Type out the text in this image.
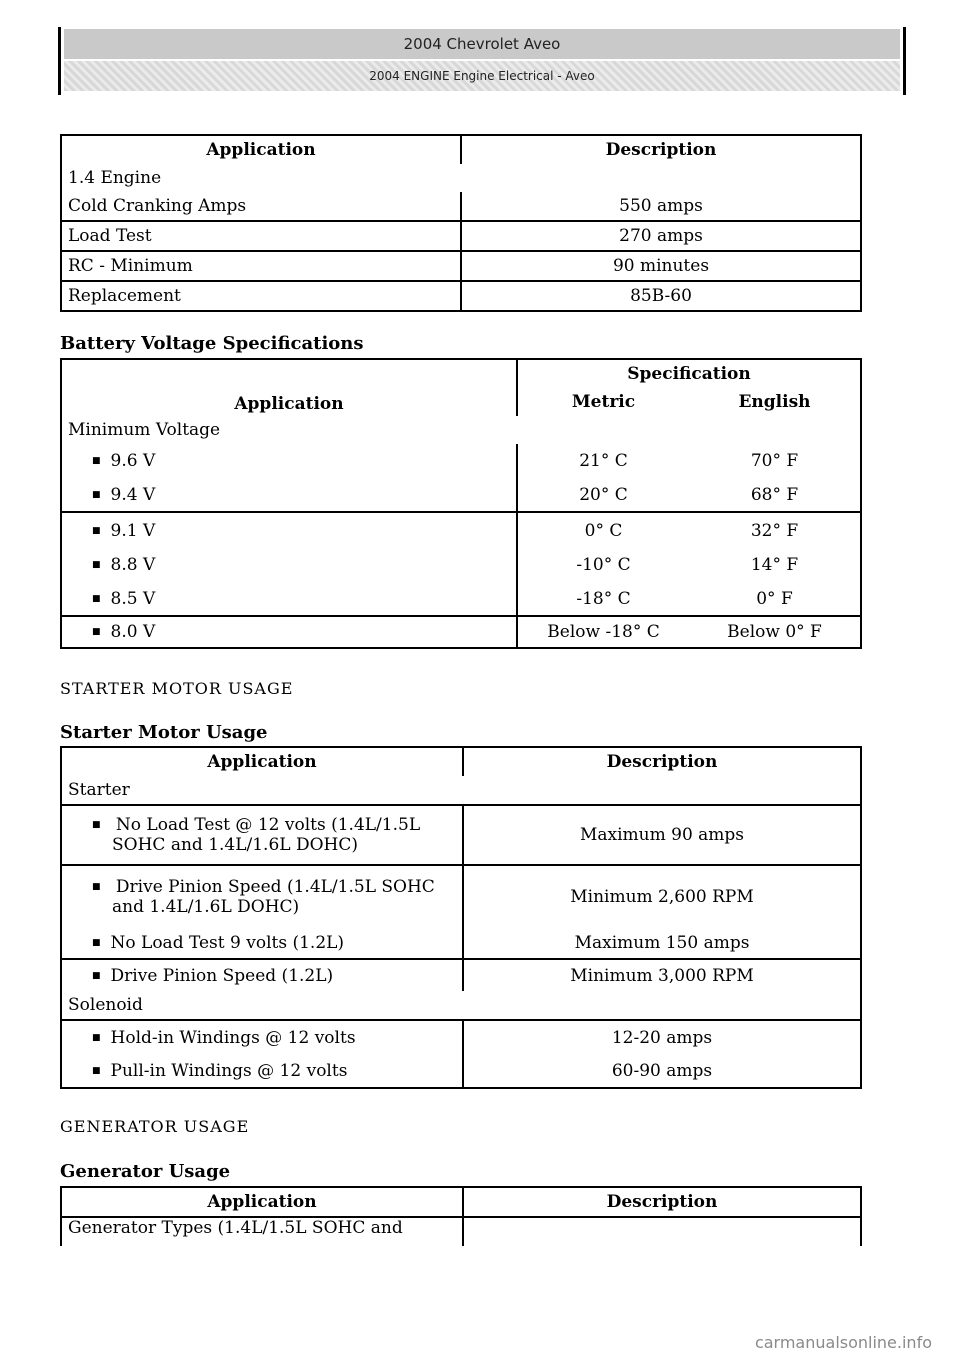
2004 Chevrolet Aveo
2004 ENGINE Engine Electrical - Aveo
Application	Description
1.4 Engine	
Cold Cranking Amps	550 amps
Load Test	270 amps
RC - Minimum	90 minutes
Replacement	85B-60
Battery Voltage Specifications
Application	Specification	
	Metric	English
Minimum Voltage		
■ 9.6 V	21° C	70° F
■ 9.4 V	20° C	68° F
■ 9.1 V	0° C	32° F
■ 8.8 V	-10° C	14° F
■ 8.5 V	-18° C	0° F
■ 8.0 V	Below -18° C	Below 0° F
STARTER MOTOR USAGE
Starter Motor Usage
Application	Description
Starter	
■ No Load Test @ 12 volts (1.4L/1.5L
SOHC and 1.4L/1.6L DOHC)	Maximum 90 amps
■ Drive Pinion Speed (1.4L/1.5L SOHC
and 1.4L/1.6L DOHC)	Minimum 2,600 RPM
■ No Load Test 9 volts (1.2L)	Maximum 150 amps
■ Drive Pinion Speed (1.2L)	Minimum 3,000 RPM
Solenoid	
■ Hold-in Windings @ 12 volts	12-20 amps
■ Pull-in Windings @ 12 volts	60-90 amps
GENERATOR USAGE
Generator Usage
Application	Description
Generator Types (1.4L/1.5L SOHC and	
carmanualsonline.info
